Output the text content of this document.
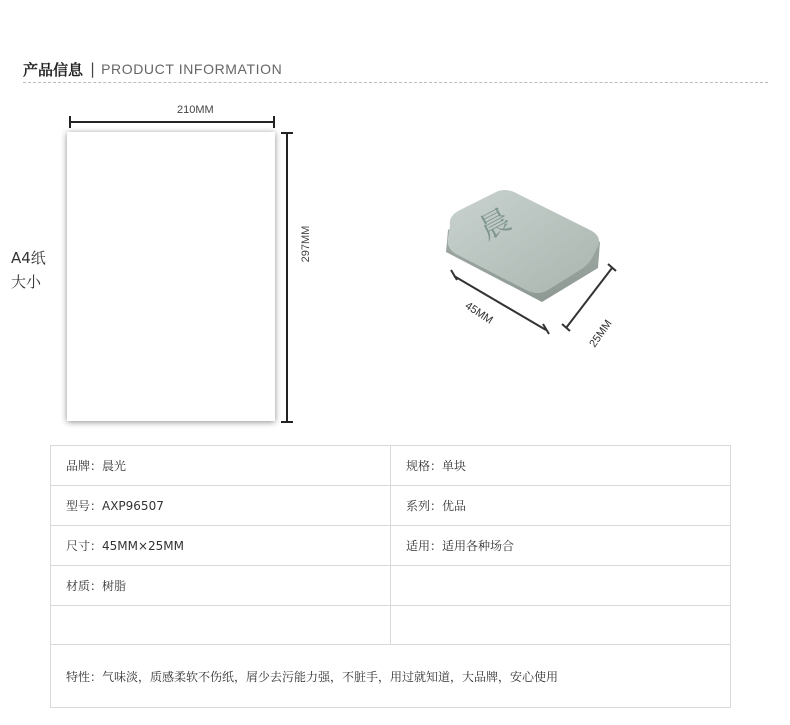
产品信息 | PRODUCT INFORMATION
A4纸
大小
210MM
297MM	晨
45MM
25MM
品牌：晨光	规格：单块
型号：AXP96507	系列：优品
尺寸：45MM×25MM	适用：适用各种场合
材质：树脂	

特性：气味淡，质感柔软不伤纸，屑少去污能力强，不脏手，用过就知道，大品牌，安心使用	
